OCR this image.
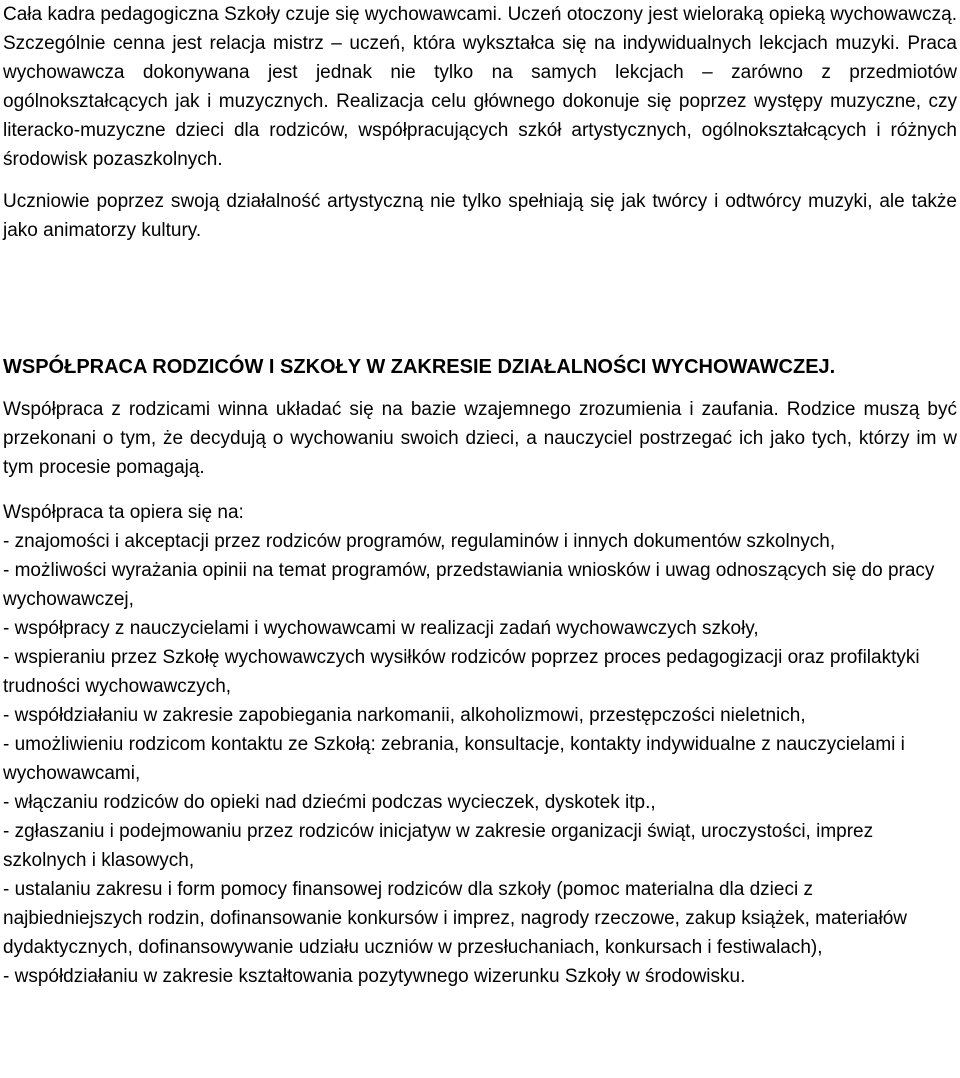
Cała kadra pedagogiczna Szkoły czuje się wychowawcami. Uczeń otoczony jest wieloraką opieką wychowawczą. Szczególnie cenna jest relacja mistrz – uczeń, która wykształca się na indywidualnych lekcjach muzyki. Praca wychowawcza dokonywana jest jednak nie tylko na samych lekcjach – zarówno z przedmiotów ogólnokształcących jak i muzycznych. Realizacja celu głównego dokonuje się poprzez występy muzyczne, czy literacko-muzyczne dzieci dla rodziców, współpracujących szkół artystycznych, ogólnokształcących i różnych środowisk pozaszkolnych.

Uczniowie poprzez swoją działalność artystyczną nie tylko spełniają się jak twórcy i odtwórcy muzyki, ale także jako animatorzy kultury.

WSPÓŁPRACA RODZICÓW I SZKOŁY W ZAKRESIE DZIAŁALNOŚCI WYCHOWAWCZEJ.

Współpraca z rodzicami winna układać się na bazie wzajemnego zrozumienia i zaufania. Rodzice muszą być przekonani o tym, że decydują o wychowaniu swoich dzieci, a nauczyciel postrzegać ich jako tych, którzy im w tym procesie pomagają.

Współpraca ta opiera się na:

- znajomości i akceptacji przez rodziców programów, regulaminów i innych dokumentów szkolnych,
- możliwości wyrażania opinii na temat programów, przedstawiania wniosków i uwag odnoszących się do pracy wychowawczej,
- współpracy z nauczycielami i wychowawcami w realizacji zadań wychowawczych szkoły,
- wspieraniu przez Szkołę wychowawczych wysiłków rodziców poprzez proces pedagogizacji oraz profilaktyki trudności wychowawczych,
- współdziałaniu w zakresie zapobiegania narkomanii, alkoholizmowi, przestępczości nieletnich,
- umożliwieniu rodzicom kontaktu ze Szkołą: zebrania, konsultacje, kontakty indywidualne z nauczycielami i wychowawcami,
- włączaniu rodziców do opieki nad dziećmi podczas wycieczek, dyskotek itp.,
- zgłaszaniu i podejmowaniu przez rodziców inicjatyw w zakresie organizacji świąt, uroczystości, imprez szkolnych i klasowych,
- ustalaniu zakresu i form pomocy finansowej rodziców dla szkoły (pomoc materialna dla dzieci z najbiedniejszych rodzin, dofinansowanie konkursów i imprez, nagrody rzeczowe, zakup książek, materiałów dydaktycznych, dofinansowywanie udziału uczniów w przesłuchaniach, konkursach i festiwalach),
- współdziałaniu w zakresie kształtowania pozytywnego wizerunku Szkoły w środowisku.
